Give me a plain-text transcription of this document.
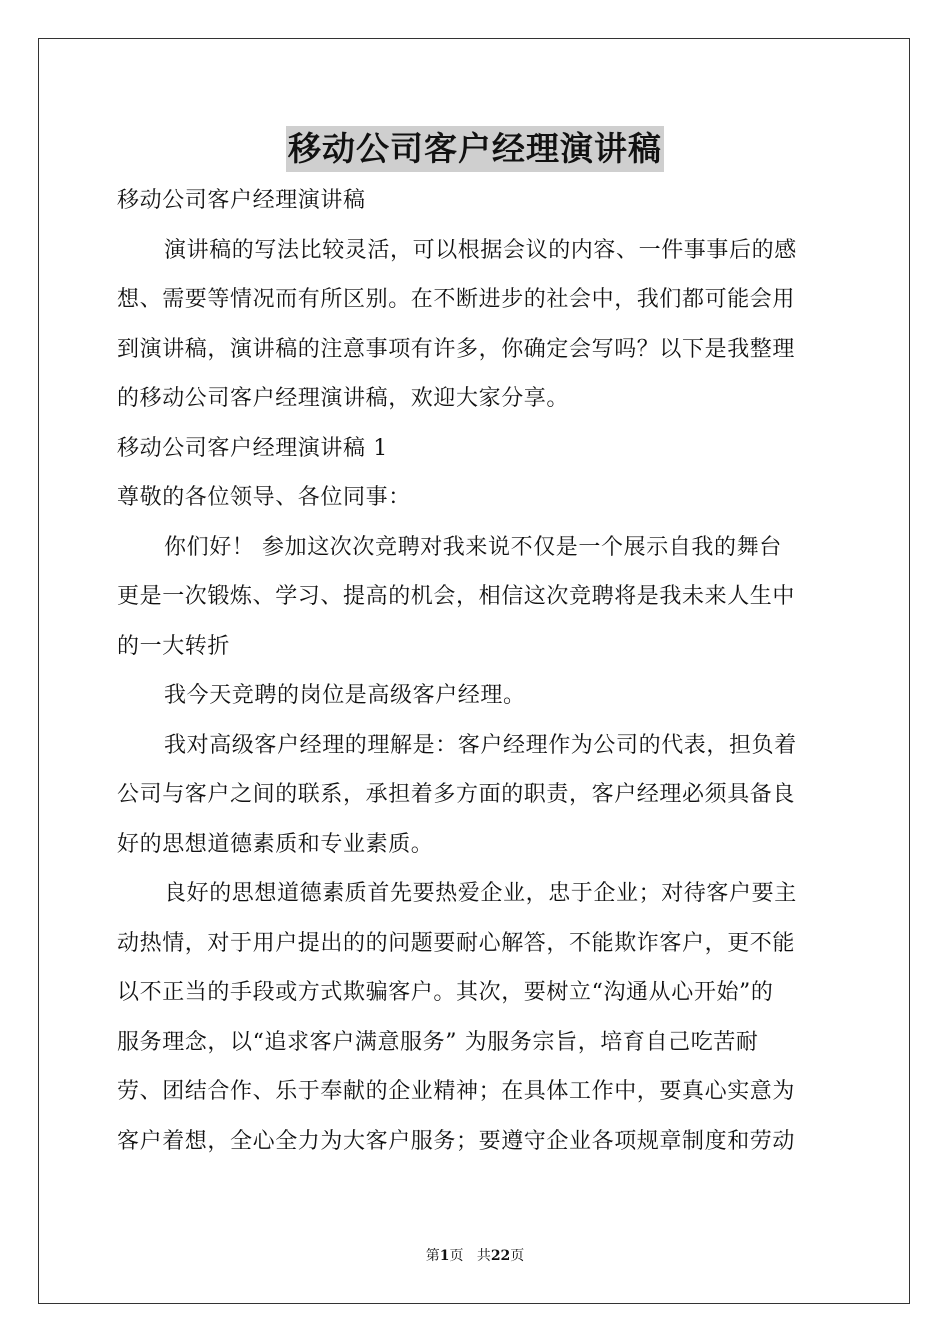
移动公司客户经理演讲稿
移动公司客户经理演讲稿
演讲稿的写法比较灵活，可以根据会议的内容、一件事事后的感
想、需要等情况而有所区别。在不断进步的社会中，我们都可能会用
到演讲稿，演讲稿的注意事项有许多，你确定会写吗？以下是我整理
的移动公司客户经理演讲稿，欢迎大家分享。
移动公司客户经理演讲稿 1
尊敬的各位领导、各位同事：
你们好！ 参加这次次竞聘对我来说不仅是一个展示自我的舞台
更是一次锻炼、学习、提高的机会，相信这次竞聘将是我未来人生中
的一大转折
我今天竞聘的岗位是高级客户经理。
我对高级客户经理的理解是：客户经理作为公司的代表，担负着
公司与客户之间的联系，承担着多方面的职责，客户经理必须具备良
好的思想道德素质和专业素质。
良好的思想道德素质首先要热爱企业，忠于企业；对待客户要主
动热情，对于用户提出的的问题要耐心解答，不能欺诈客户，更不能
以不正当的手段或方式欺骗客户。其次，要树立“沟通从心开始”的
服务理念，以“追求客户满意服务” 为服务宗旨，培育自己吃苦耐
劳、团结合作、乐于奉献的企业精神；在具体工作中，要真心实意为
客户着想，全心全力为大客户服务；要遵守企业各项规章制度和劳动
第1页 共22页
